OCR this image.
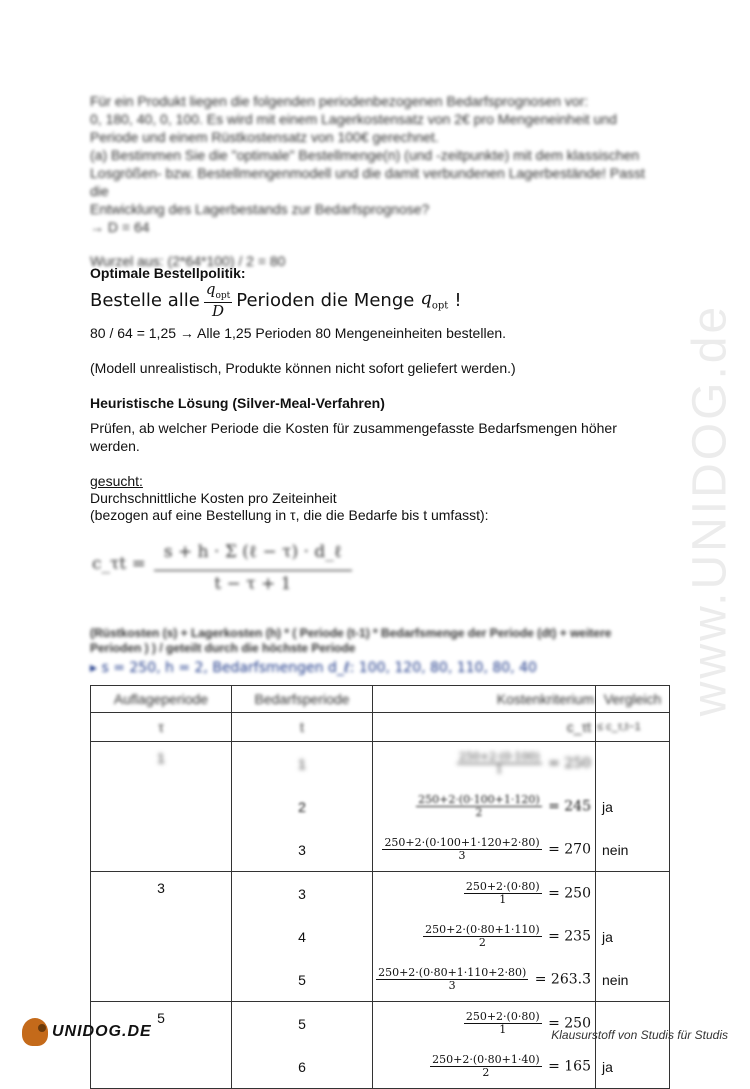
www.UNIDOG.de
Für ein Produkt liegen die folgenden periodenbezogenen Bedarfsprognosen vor:
0, 180, 40, 0, 100. Es wird mit einem Lagerkostensatz von 2€ pro Mengeneinheit und
Periode und einem Rüstkostensatz von 100€ gerechnet.
(a) Bestimmen Sie die "optimale" Bestellmenge(n) (und -zeitpunkte) mit dem klassischen
Losgrößen- bzw. Bestellmengenmodell und die damit verbundenen Lagerbestände! Passt die
Entwicklung des Lagerbestands zur Bedarfsprognose?
→ D = 64
Wurzel aus: (2*64*100) / 2 = 80
Optimale Bestellpolitik:
Bestelle alle $\frac{q_{opt}}{D}$ Perioden die Menge $q_{opt}$ !
80 / 64 = 1,25 → Alle 1,25 Perioden 80 Mengeneinheiten bestellen.
(Modell unrealistisch, Produkte können nicht sofort geliefert werden.)
Heuristische Lösung (Silver-Meal-Verfahren)
Prüfen, ab welcher Periode die Kosten für zusammengefasste Bedarfsmengen höher
werden.
gesucht:
Durchschnittliche Kosten pro Zeiteinheit
(bezogen auf eine Bestellung in τ, die die Bedarfe bis t umfasst):
c_τt = $\frac{\text{s + h · Σ (ℓ − τ) · d\_ℓ}}{t - \tau + 1}$
(Rüstkosten (s) + Lagerkosten (h) * ( Periode (t-1) * Bedarfsmenge der Periode (dt) + weitere
Perioden ) ) / geteilt durch die höchste Periode
▸ s = 250, h = 2, Bedarfsmengen d_ℓ: 100, 120, 80, 110, 80, 40
Auflageperiode	Bedarfsperiode	Kostenkriterium	Vergleich
τ	t	c_τt	≤ c_τ,t−1
1	1	$\frac{250+2\cdot(0\cdot 100)}{1} = 250$	
	2	$\frac{250+2\cdot(0\cdot 100+1\cdot 120)}{2} = 245$	ja
	3	$\frac{250+2\cdot(0\cdot 100+1\cdot 120+2\cdot 80)}{3} = 270$	nein
3	3	$\frac{250+2\cdot(0\cdot 80)}{1} = 250$	
	4	$\frac{250+2\cdot(0\cdot 80+1\cdot 110)}{2} = 235$	ja
	5	$\frac{250+2\cdot(0\cdot 80+1\cdot 110+2\cdot 80)}{3}$ = 263.3̄	nein
5	5	$\frac{250+2\cdot(0\cdot 80)}{1} = 250$	
	6	$\frac{250+2\cdot(0\cdot 80+1\cdot 40)}{2} = 165$	ja
UNIDOG.DE	Klausurstoff von Studis für Studis
